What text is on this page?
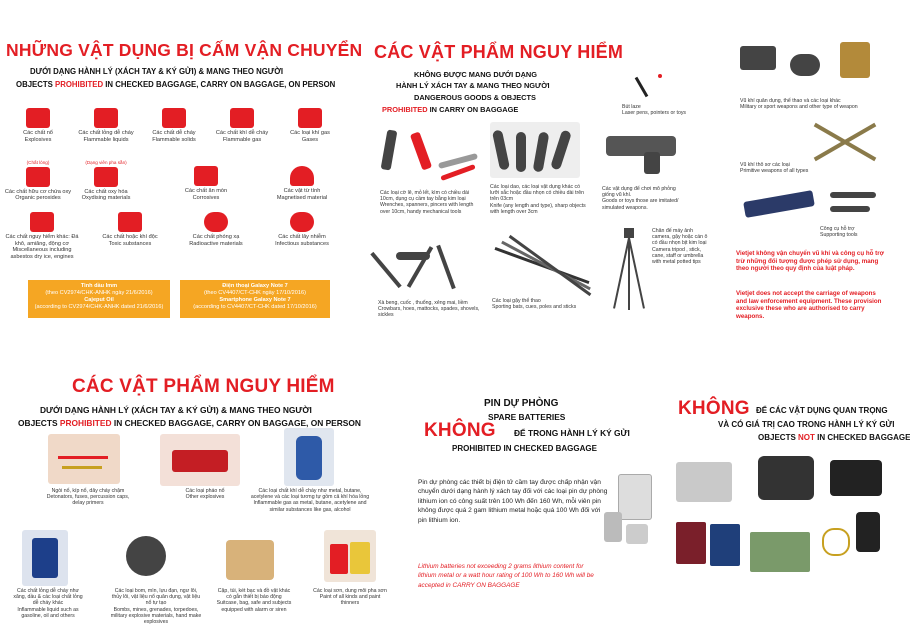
NHỮNG VẬT DỤNG BỊ CẤM VẬN CHUYỂN
DƯỚI DẠNG HÀNH LÝ (XÁCH TAY & KÝ GỬI) & MANG THEO NGƯỜI
OBJECTS PROHIBITED IN CHECKED BAGGAGE, CARRY ON BAGGAGE, ON PERSON
Các chất nổ
Explosives
Các chất lỏng dễ cháy
Flammable liquids
Các chất dễ cháy
Flammable solids
Các chất khí dễ cháy
Flammable gas
Các loại khí gas
Gases
(Chất lỏng)
Các chất hữu cơ chứa oxy
Organic peroxides
(Dạng viên pha sẵn)
Các chất oxy hóa
Oxydising materials
Các chất ăn mòn
Corrosives
Các vật từ tính
Magnetised material
Các chất nguy hiểm khác: Đá khô, amiăng, động cơ
Miscellaneous including asbestos dry ice, engines
Các chất hoặc khí độc
Toxic substances
Các chất phóng xạ
Radioactive materials
Các chất lây nhiễm
Infectious substances
Tinh dầu Imm
(theo CV2974/CHK-ANHK ngày 21/6/2016)
Cajeput Oil
(according to CV2974/CHK-ANHK dated 21/6/2016)
Điện thoại Galaxy Note 7
(theo CV4407/CT-CHK ngày 17/10/2016)
Smartphone Galaxy Note 7
(according to CV4407/CT-CHK dated 17/10/2016)
CÁC VẬT PHẨM NGUY HIỂM
KHÔNG ĐƯỢC MANG DƯỚI DẠNG
HÀNH LÝ XÁCH TAY & MANG THEO NGƯỜI
DANGEROUS GOODS & OBJECTS
PROHIBITED IN CARRY ON BAGGAGE	Bút laze
Laser pens, pointers or toys
Vũ khí quân dụng, thể thao và các loại khác
Military or sport weapons and other type of weapon
Các loại cờ lê, mỏ lết, kìm có chiều dài 10cm, dụng cụ cầm tay bằng kim loại
Wrenches, spanners, pincers with length over 10cm, handy mechanical tools
Các loại dao, các loại vật dụng khác có lưỡi sắc hoặc đầu nhọn có chiều dài trên trên 03cm
Knife (any length and type), sharp objects with length over 3cm
Các vật dụng để chơi mô phỏng giống vũ khí.
Goods or toys those are imitated/ simulated weapons.
Vũ khí thô sơ các loại
Primitive weapons of all types
Công cụ hỗ trợ
Supporting tools
Xà beng, cuốc , thuổng, xẻng mai, liềm
Crowbars, hoes, mattocks, spades, shovels, sickles
Các loại gậy thể thao
Sporting bats, cues, poles and sticks
Chân đế máy ảnh camera, gậy hoặc cán ô có đầu nhọn bịt kim loại
Camera tripod , stick, cane, staff or umbrella with metal potted tips
Vietjet không vận chuyển vũ khí và công cụ hỗ trợ trừ những đối tượng được phép sử dụng, mang theo người theo quy định của luật pháp.
Vietjet does not accept the carriage of weapons and law enforcement equipment. These provision exclusive these who are authorised to carry weapons.
CÁC VẬT PHẨM NGUY HIỂM
DƯỚI DẠNG HÀNH LÝ (XÁCH TAY & KÝ GỬI) & MANG THEO NGƯỜI
OBJECTS PROHIBITED IN CHECKED BAGGAGE, CARRY ON BAGGAGE, ON PERSON
Ngòi nổ, kíp nổ, dây cháy chậm
Detonators, fuses, percussion caps, delay primers
Các loại pháo nổ
Other explosives
Các loại chất khí dễ cháy như metal, butane, acetylene và các loại tương tự gồm cả khí hóa lỏng
Inflammable gas as metal, butane, acetylene and similar substances like gas, alcohol
Các chất lỏng dễ cháy như xăng, dầu & các loại chất lỏng dễ cháy khác
Inflammable liquid such as gasoline, oil and others
Các loại bom, mìn, lựu đạn, ngư lôi, thủy lôi, vật liệu nổ quân dụng, vật liệu nổ tự tạo
Bombs, mines, grenades, torpedoes, military explosive materials, hand make explosives
Cặp, túi, két bạc và đồ vật khác có gắn thiết bị báo động
Suitcase, bag, safe and subjects equipped with alarm or siren
Các loại sơn, dung môi pha sơn
Paint of all kinds and paint thinners
PIN DỰ PHÒNG
SPARE BATTERIES
KHÔNG ĐỂ TRONG HÀNH LÝ KÝ GỬI
PROHIBITED IN CHECKED BAGGAGE
Pin dự phòng các thiết bị điện tử cầm tay được chấp nhận vận chuyển dưới dạng hành lý xách tay đối với các loại pin dự phòng lithium ion có công suất trên 100 Wh đến 160 Wh, mỗi viên pin không được quá 2 gam lithium metal hoặc quá 100 Wh đối với pin lithium ion.
Lithium batteries not exceeding 2 grams lithium content for lithium metal or a watt hour rating of 100 Wh to 160 Wh will be accepted in CARRY ON BAGGAGE
KHÔNG ĐỂ CÁC VẬT DỤNG QUAN TRỌNG
VÀ CÓ GIÁ TRỊ CAO TRONG HÀNH LÝ KÝ GỬI
OBJECTS NOT IN CHECKED BAGGAGE
